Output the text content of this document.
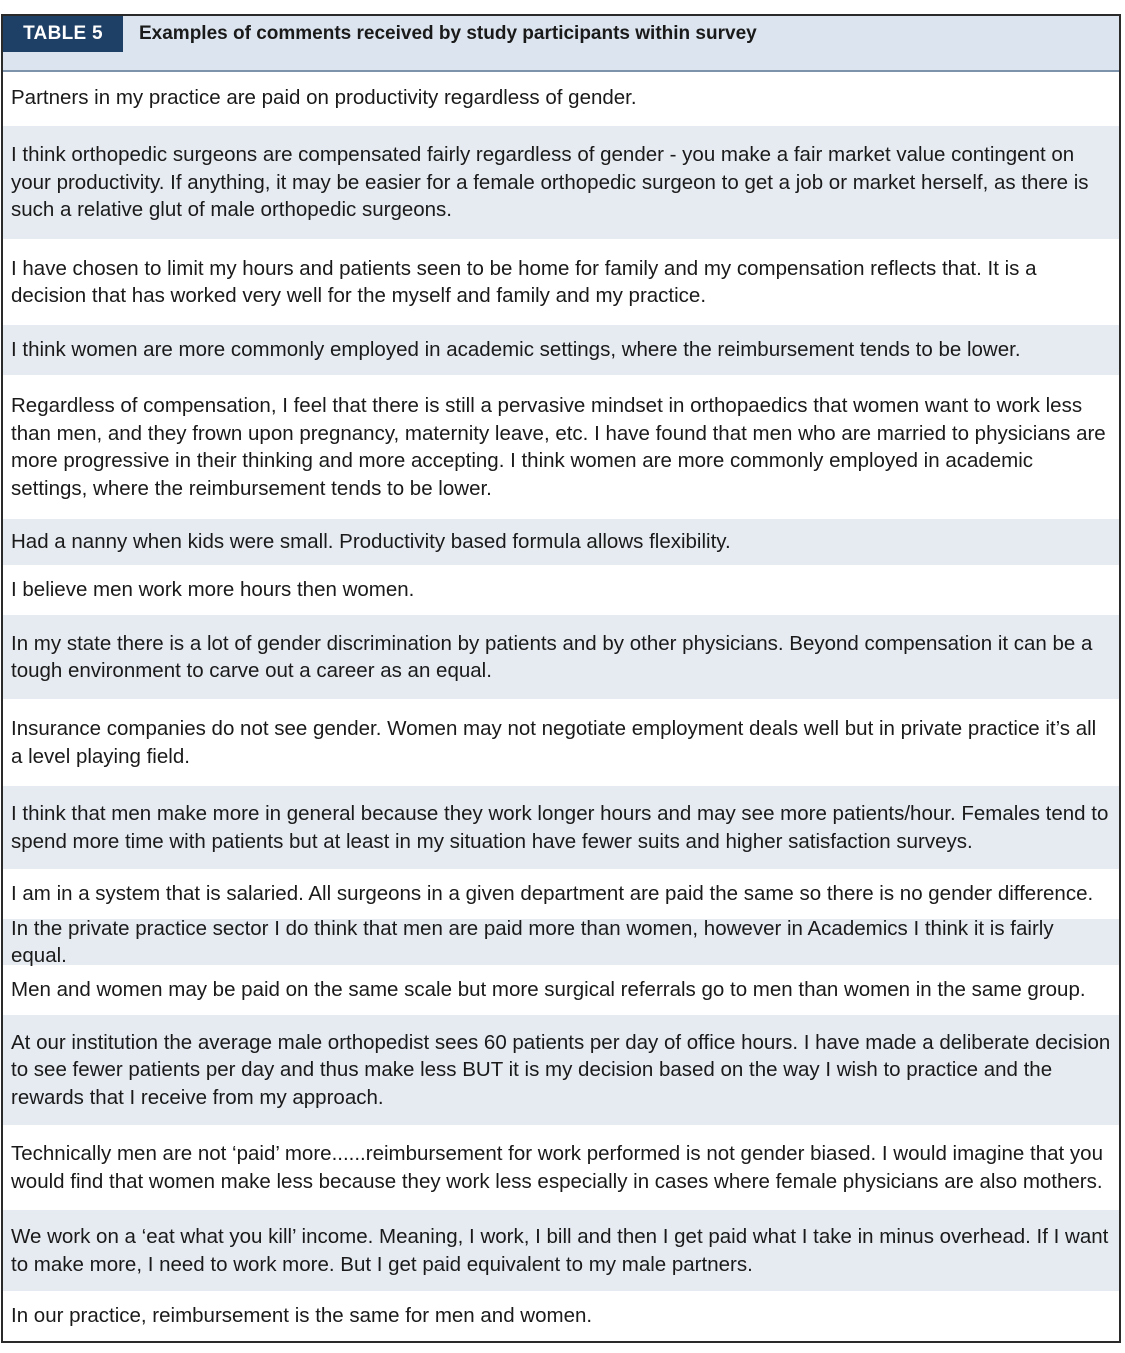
TABLE 5	Examples of comments received by study participants within survey
Partners in my practice are paid on productivity regardless of gender.
I think orthopedic surgeons are compensated fairly regardless of gender - you make a fair market value contingent on your productivity. If anything, it may be easier for a female orthopedic surgeon to get a job or market herself, as there is such a relative glut of male orthopedic surgeons.
I have chosen to limit my hours and patients seen to be home for family and my compensation reflects that. It is a decision that has worked very well for the myself and family and my practice.
I think women are more commonly employed in academic settings, where the reimbursement tends to be lower.
Regardless of compensation, I feel that there is still a pervasive mindset in orthopaedics that women want to work less than men, and they frown upon pregnancy, maternity leave, etc. I have found that men who are married to physicians are more progressive in their thinking and more accepting. I think women are more commonly employed in academic settings, where the reimbursement tends to be lower.
Had a nanny when kids were small. Productivity based formula allows flexibility.
I believe men work more hours then women.
In my state there is a lot of gender discrimination by patients and by other physicians. Beyond compensation it can be a tough environment to carve out a career as an equal.
Insurance companies do not see gender. Women may not negotiate employment deals well but in private practice it’s all a level playing field.
I think that men make more in general because they work longer hours and may see more patients/hour. Females tend to spend more time with patients but at least in my situation have fewer suits and higher satisfaction surveys.
I am in a system that is salaried. All surgeons in a given department are paid the same so there is no gender difference.
In the private practice sector I do think that men are paid more than women, however in Academics I think it is fairly equal.
Men and women may be paid on the same scale but more surgical referrals go to men than women in the same group.
At our institution the average male orthopedist sees 60 patients per day of office hours. I have made a deliberate decision to see fewer patients per day and thus make less BUT it is my decision based on the way I wish to practice and the rewards that I receive from my approach.
Technically men are not ‘paid’ more......reimbursement for work performed is not gender biased. I would imagine that you would find that women make less because they work less especially in cases where female physicians are also mothers.
We work on a ‘eat what you kill’ income. Meaning, I work, I bill and then I get paid what I take in minus overhead. If I want to make more, I need to work more. But I get paid equivalent to my male partners.
In our practice, reimbursement is the same for men and women.
